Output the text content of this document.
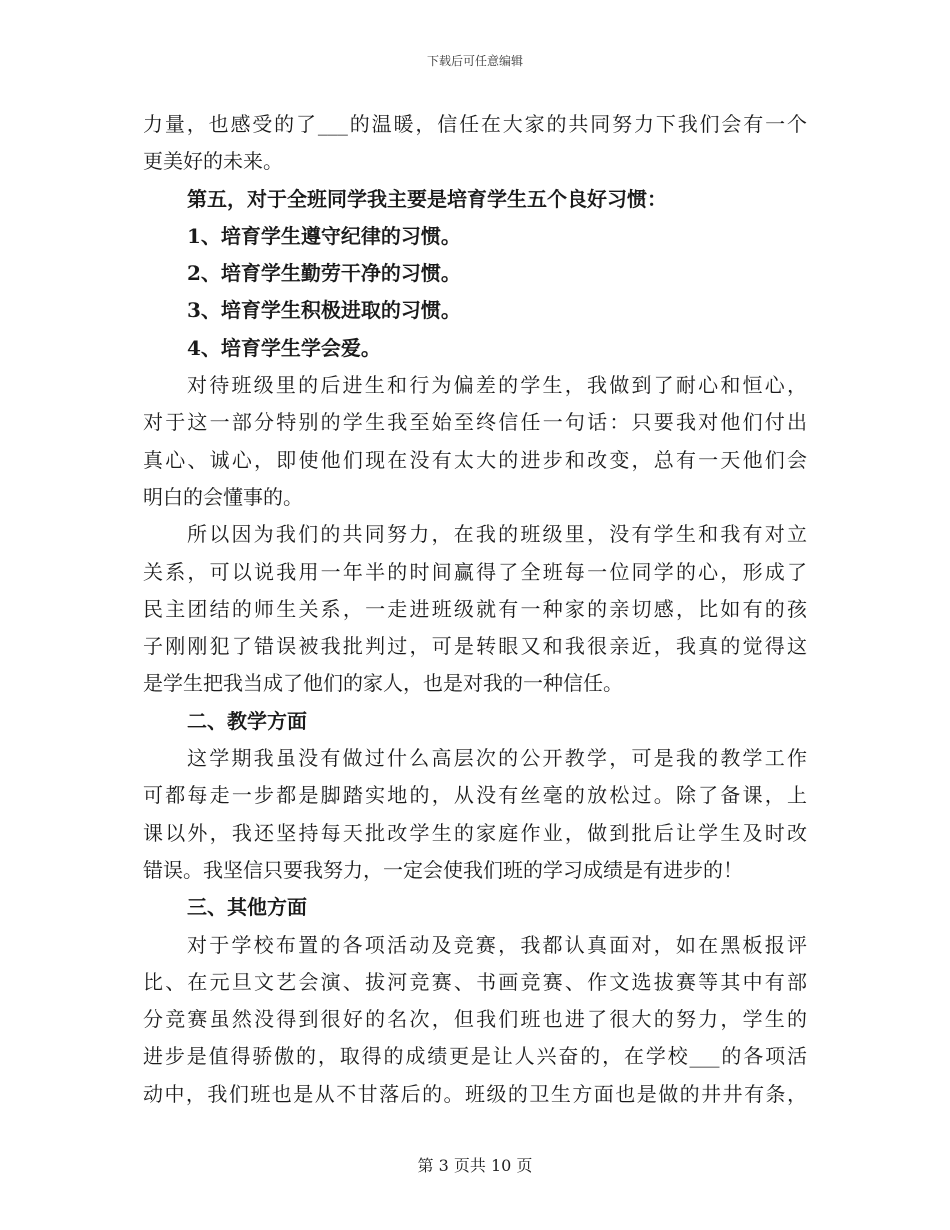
下载后可任意编辑
力量，也感受的了___的温暖，信任在大家的共同努力下我们会有一个
更美好的未来。
第五，对于全班同学我主要是培育学生五个良好习惯：
1、培育学生遵守纪律的习惯。
2、培育学生勤劳干净的习惯。
3、培育学生积极进取的习惯。
4、培育学生学会爱。
对待班级里的后进生和行为偏差的学生，我做到了耐心和恒心，
对于这一部分特别的学生我至始至终信任一句话：只要我对他们付出
真心、诚心，即使他们现在没有太大的进步和改变，总有一天他们会
明白的会懂事的。
所以因为我们的共同努力，在我的班级里，没有学生和我有对立
关系，可以说我用一年半的时间赢得了全班每一位同学的心，形成了
民主团结的师生关系，一走进班级就有一种家的亲切感，比如有的孩
子刚刚犯了错误被我批判过，可是转眼又和我很亲近，我真的觉得这
是学生把我当成了他们的家人，也是对我的一种信任。
二、教学方面
这学期我虽没有做过什么高层次的公开教学，可是我的教学工作
可都每走一步都是脚踏实地的，从没有丝毫的放松过。除了备课，上
课以外，我还坚持每天批改学生的家庭作业，做到批后让学生及时改
错误。我坚信只要我努力，一定会使我们班的学习成绩是有进步的！
三、其他方面
对于学校布置的各项活动及竞赛，我都认真面对，如在黑板报评
比、在元旦文艺会演、拔河竞赛、书画竞赛、作文选拔赛等其中有部
分竞赛虽然没得到很好的名次，但我们班也进了很大的努力，学生的
进步是值得骄傲的，取得的成绩更是让人兴奋的，在学校___的各项活
动中，我们班也是从不甘落后的。班级的卫生方面也是做的井井有条，
第 3 页共 10 页
